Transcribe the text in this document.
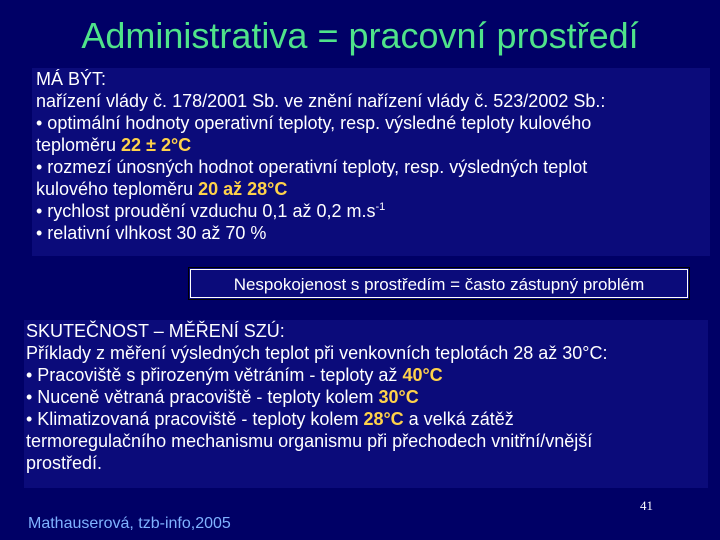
Administrativa = pracovní prostředí
MÁ BÝT:
nařízení vlády č. 178/2001 Sb. ve znění nařízení vlády č. 523/2002 Sb.:
• optimální hodnoty operativní teploty, resp. výsledné teploty kulového
teploměru 22 ± 2°C
• rozmezí únosných hodnot operativní teploty, resp. výsledných teplot
kulového teploměru 20 až 28°C
• rychlost proudění vzduchu 0,1 až 0,2 $m.s^{-1}$
• relativní vlhkost 30 až 70 %
Nespokojenost s prostředím = často zástupný problém
SKUTEČNOST – MĚŘENÍ SZÚ:
Příklady z měření výsledných teplot při venkovních teplotách 28 až 30°C:
• Pracoviště s přirozeným větráním - teploty až 40°C
• Nuceně větraná pracoviště - teploty kolem 30°C
• Klimatizovaná pracoviště - teploty kolem 28°C a velká zátěž
termoregulačního mechanismu organismu při přechodech vnitřní/vnější
prostředí.
41
Mathauserová, tzb-info,2005
